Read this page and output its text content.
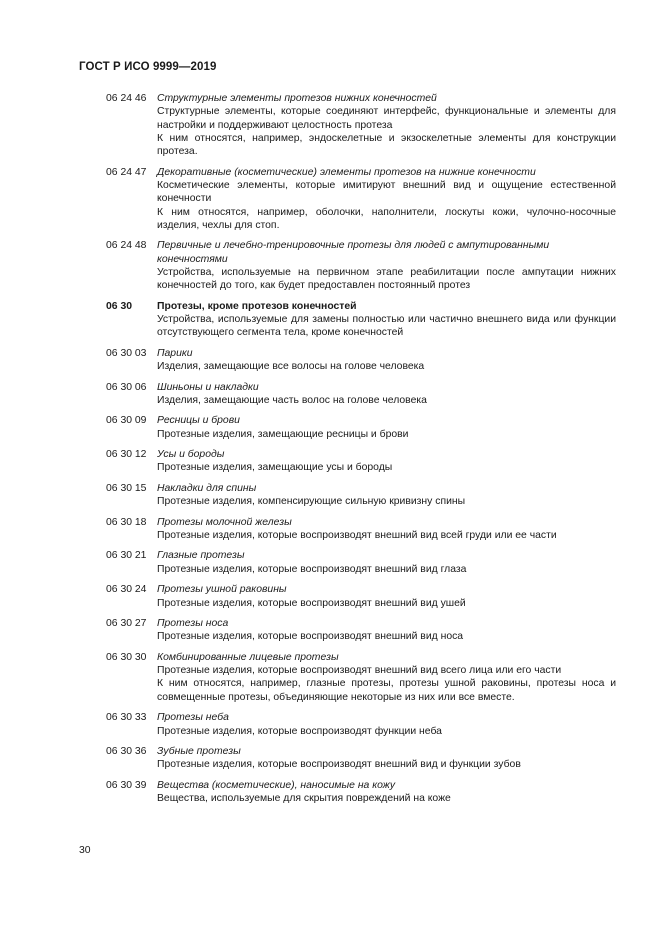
ГОСТ Р ИСО 9999—2019
06 24 46	Структурные элементы протезов нижних конечностей
Структурные элементы, которые соединяют интерфейс, функциональные и элементы для настройки и поддерживают целостность протеза
К ним относятся, например, эндоскелетные и экзоскелетные элементы для конструкции протеза.
06 24 47	Декоративные (косметические) элементы протезов на нижние конечности
Косметические элементы, которые имитируют внешний вид и ощущение естественной конечности
К ним относятся, например, оболочки, наполнители, лоскуты кожи, чулочно-носочные изделия, чехлы для стоп.
06 24 48	Первичные и лечебно-тренировочные протезы для людей с ампутированными конечностями
Устройства, используемые на первичном этапе реабилитации после ампутации нижних конечностей до того, как будет предоставлен постоянный протез
06 30	Протезы, кроме протезов конечностей
Устройства, используемые для замены полностью или частично внешнего вида или функции отсутствующего сегмента тела, кроме конечностей
06 30 03	Парики
Изделия, замещающие все волосы на голове человека
06 30 06	Шиньоны и накладки
Изделия, замещающие часть волос на голове человека
06 30 09	Ресницы и брови
Протезные изделия, замещающие ресницы и брови
06 30 12	Усы и бороды
Протезные изделия, замещающие усы и бороды
06 30 15	Накладки для спины
Протезные изделия, компенсирующие сильную кривизну спины
06 30 18	Протезы молочной железы
Протезные изделия, которые воспроизводят внешний вид всей груди или ее части
06 30 21	Глазные протезы
Протезные изделия, которые воспроизводят внешний вид глаза
06 30 24	Протезы ушной раковины
Протезные изделия, которые воспроизводят внешний вид ушей
06 30 27	Протезы носа
Протезные изделия, которые воспроизводят внешний вид носа
06 30 30	Комбинированные лицевые протезы
Протезные изделия, которые воспроизводят внешний вид всего лица или его части
К ним относятся, например, глазные протезы, протезы ушной раковины, протезы носа и совмещенные протезы, объединяющие некоторые из них или все вместе.
06 30 33	Протезы неба
Протезные изделия, которые воспроизводят функции неба
06 30 36	Зубные протезы
Протезные изделия, которые воспроизводят внешний вид и функции зубов
06 30 39	Вещества (косметические), наносимые на кожу
Вещества, используемые для скрытия повреждений на коже
30
